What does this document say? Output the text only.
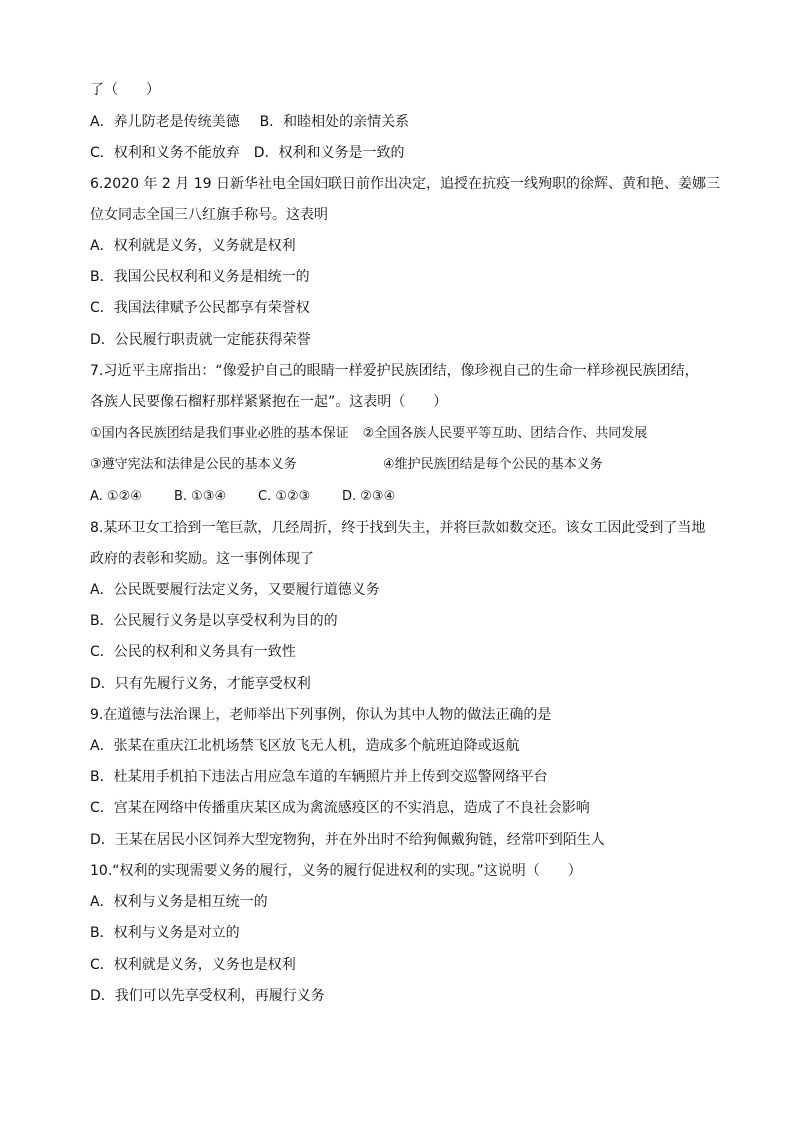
了（　　）
A．养儿防老是传统美德 B．和睦相处的亲情关系
C．权利和义务不能放弃 D．权利和义务是一致的
6.2020 年 2 月 19 日新华社电全国妇联日前作出决定，追授在抗疫一线殉职的徐辉、黄和艳、姜娜三
位女同志全国三八红旗手称号。这表明
A．权利就是义务，义务就是权利
B．我国公民权利和义务是相统一的
C．我国法律赋予公民都享有荣誉权
D．公民履行职责就一定能获得荣誉
7.习近平主席指出：“像爱护自己的眼睛一样爱护民族团结，像珍视自己的生命一样珍视民族团结，
各族人民要像石榴籽那样紧紧抱在一起”。这表明（　　）
①国内各民族团结是我们事业必胜的基本保证 ②全国各族人民要平等互助、团结合作、共同发展
③遵守宪法和法律是公民的基本义务	④维护民族团结是每个公民的基本义务
A. ①②④ B. ①③④ C. ①②③ D. ②③④
8.某环卫女工拾到一笔巨款，几经周折，终于找到失主，并将巨款如数交还。该女工因此受到了当地
政府的表彰和奖励。这一事例体现了
A．公民既要履行法定义务，又要履行道德义务
B．公民履行义务是以享受权利为目的的
C．公民的权利和义务具有一致性
D．只有先履行义务，才能享受权利
9.在道德与法治课上，老师举出下列事例，你认为其中人物的做法正确的是
A．张某在重庆江北机场禁飞区放飞无人机，造成多个航班迫降或返航
B．杜某用手机拍下违法占用应急车道的车辆照片并上传到交巡警网络平台
C．宫某在网络中传播重庆某区成为禽流感疫区的不实消息，造成了不良社会影响
D．王某在居民小区饲养大型宠物狗，并在外出时不给狗佩戴狗链，经常吓到陌生人
10.“权利的实现需要义务的履行，义务的履行促进权利的实现。”这说明（　　）
A．权利与义务是相互统一的
B．权利与义务是对立的
C．权利就是义务，义务也是权利
D．我们可以先享受权利，再履行义务
